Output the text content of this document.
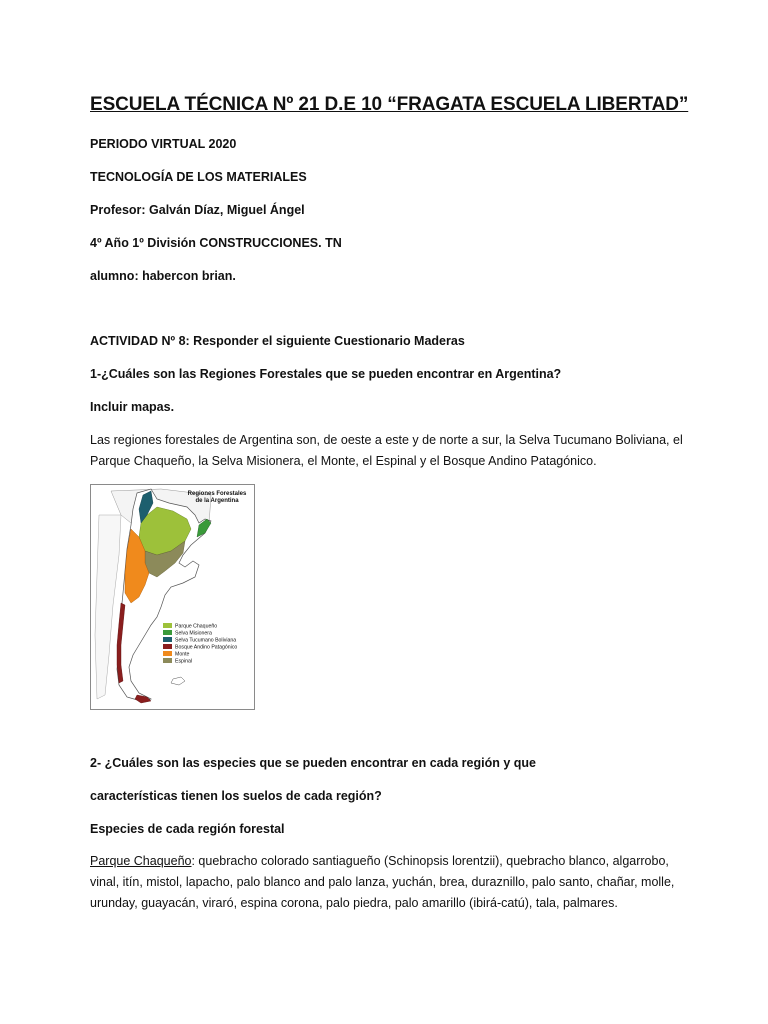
ESCUELA TÉCNICA Nº 21 D.E 10 “FRAGATA ESCUELA LIBERTAD”
PERIODO VIRTUAL 2020
TECNOLOGÍA DE LOS MATERIALES
Profesor: Galván Díaz, Miguel Ángel
4º Año 1º División CONSTRUCCIONES. TN
alumno: habercon brian.
ACTIVIDAD Nº 8: Responder el siguiente Cuestionario Maderas
1-¿Cuáles son las Regiones Forestales que se pueden encontrar en Argentina?
Incluir mapas.
Las regiones forestales de Argentina son, de oeste a este y de norte a sur, la Selva Tucumano Boliviana, el Parque Chaqueño, la Selva Misionera, el Monte, el Espinal y el Bosque Andino Patagónico.
Regiones Forestales
de la Argentina
Parque Chaqueño
Selva Misionera
Selva Tucumano Boliviana
Bosque Andino Patagónico
Monte
Espinal
2- ¿Cuáles son las especies que se pueden encontrar en cada región y que
características tienen los suelos de cada región?
Especies de cada región forestal
Parque Chaqueño: quebracho colorado santiagueño (Schinopsis lorentzii), quebracho blanco, algarrobo, vinal, itín, mistol, lapacho, palo blanco and palo lanza, yuchán, brea, duraznillo, palo santo, chañar, molle, urunday, guayacán, viraró, espina corona, palo piedra, palo amarillo (ibirá-catú), tala, palmares.
